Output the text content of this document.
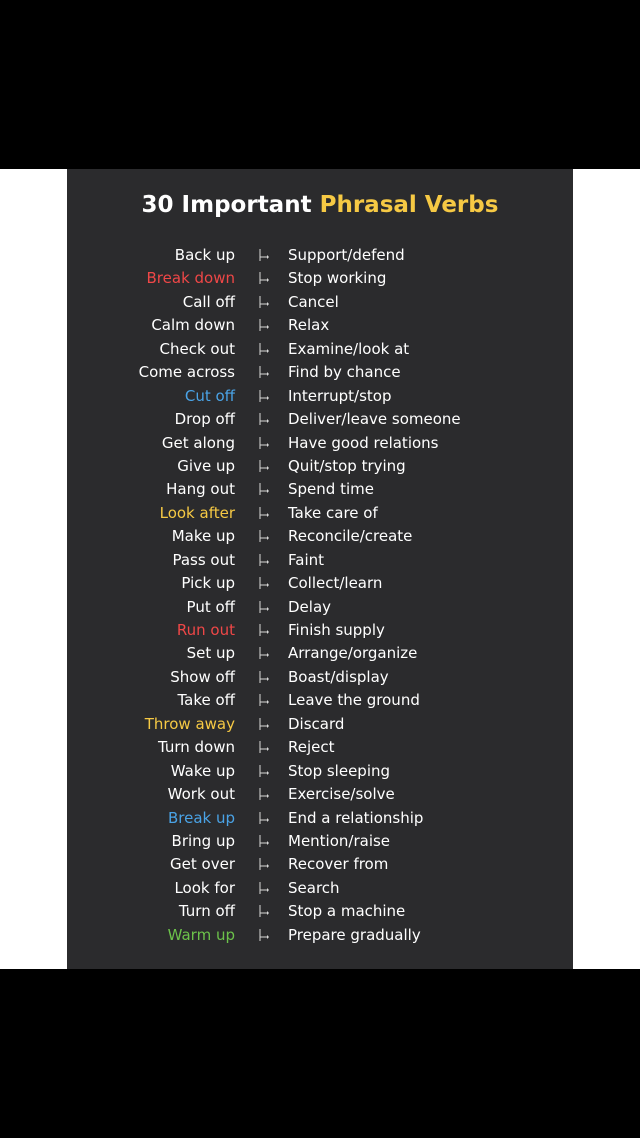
30 Important Phrasal Verbs
Back up	Support/defend
Break down	Stop working
Call off	Cancel
Calm down	Relax
Check out	Examine/look at
Come across	Find by chance
Cut off	Interrupt/stop
Drop off	Deliver/leave someone
Get along	Have good relations
Give up	Quit/stop trying
Hang out	Spend time
Look after	Take care of
Make up	Reconcile/create
Pass out	Faint
Pick up	Collect/learn
Put off	Delay
Run out	Finish supply
Set up	Arrange/organize
Show off	Boast/display
Take off	Leave the ground
Throw away	Discard
Turn down	Reject
Wake up	Stop sleeping
Work out	Exercise/solve
Break up	End a relationship
Bring up	Mention/raise
Get over	Recover from
Look for	Search
Turn off	Stop a machine
Warm up	Prepare gradually
